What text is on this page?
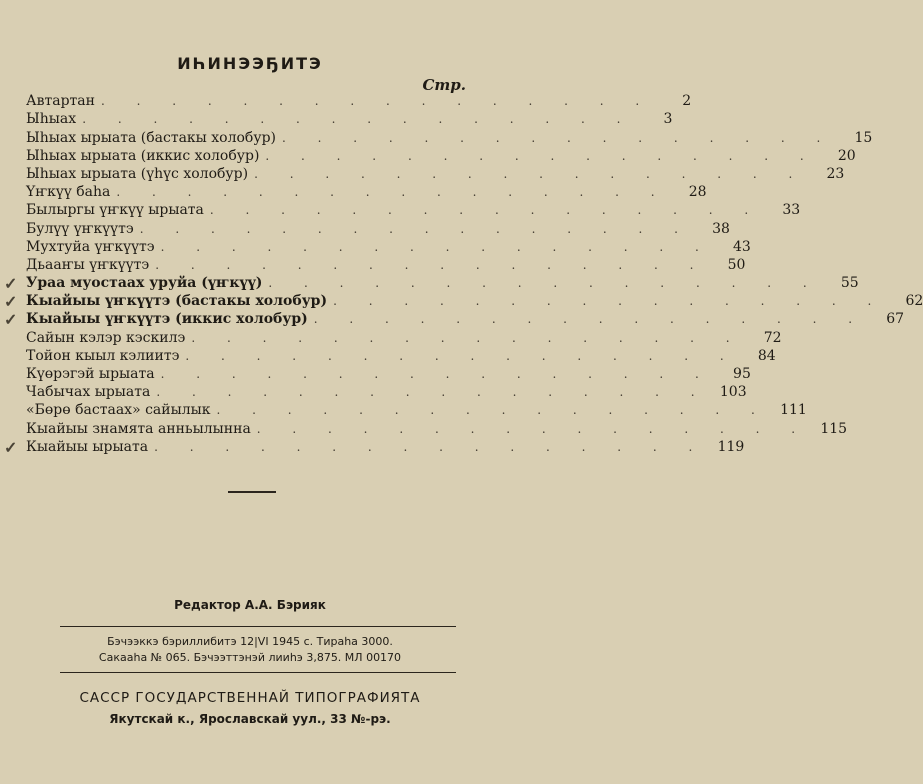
ИҺИНЭЭҔИТЭ
Стр.
Автартан . . . . . . . . . . . . . . . .	2
Ыһыах . . . . . . . . . . . . . . . .	3
Ыһыах ырыата (бастакы холобур) . . . . . . . . . . . . . . . .	15
Ыһыах ырыата (иккис холобур) . . . . . . . . . . . . . . . .	20
Ыһыах ырыата (үһүс холобур) . . . . . . . . . . . . . . . .	23
Үҥкүү баһа . . . . . . . . . . . . . . . .	28
Былыргы үҥкүү ырыата . . . . . . . . . . . . . . . .	33
Булүү үҥкүүтэ . . . . . . . . . . . . . . . .	38
Мухтуйа үҥкүүтэ . . . . . . . . . . . . . . . .	43
Дьааҥы үҥкүүтэ . . . . . . . . . . . . . . . .	50
✓ Ураа муостаах уруйа (үҥкүү) . . . . . . . . . . . . . . . .	55
✓ Кыайыы үҥкүүтэ (бастакы холобур) . . . . . . . . . . . . . . . .	62
✓ Кыайыы үҥкүүтэ (иккис холобур) . . . . . . . . . . . . . . . .	67
Сайын кэлэр кэскилэ . . . . . . . . . . . . . . . .	72
Тойон кыыл кэлиитэ . . . . . . . . . . . . . . . .	84
Күөрэгэй ырыата . . . . . . . . . . . . . . . .	95
Чабычах ырыата . . . . . . . . . . . . . . . . 103
«Бөрө бастаах» сайылык . . . . . . . . . . . . . . . . 111
Кыайыы знамята анньылынна . . . . . . . . . . . . . . . . 115
✓ Кыайыы ырыата . . . . . . . . . . . . . . . . 119
Редактор А.А. Бэрияк
Бэчээккэ бэриллибитэ 12|VI 1945 с. Тираһа 3000.
Сакааһа № 065. Бэчээттэнэй лииһэ 3,875. МЛ 00170
САССР ГОСУДАРСТВЕННАЙ ТИПОГРАФИЯТА
Якутскай к., Ярославскай уул., 33 №-рэ.
